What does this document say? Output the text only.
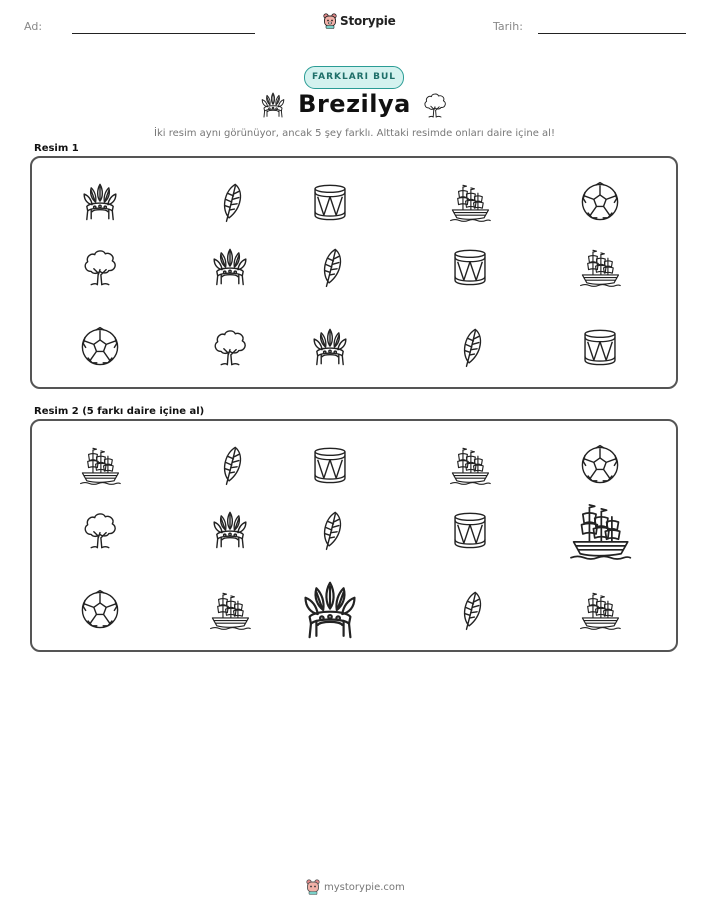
Ad:	Storypie	Tarih:
FARKLARI BUL
Brezilya
İki resim aynı görünüyor, ancak 5 şey farklı. Alttaki resimde onları daire içine al!
Resim 1
Resim 2 (5 farkı daire içine al)
mystorypie.com
